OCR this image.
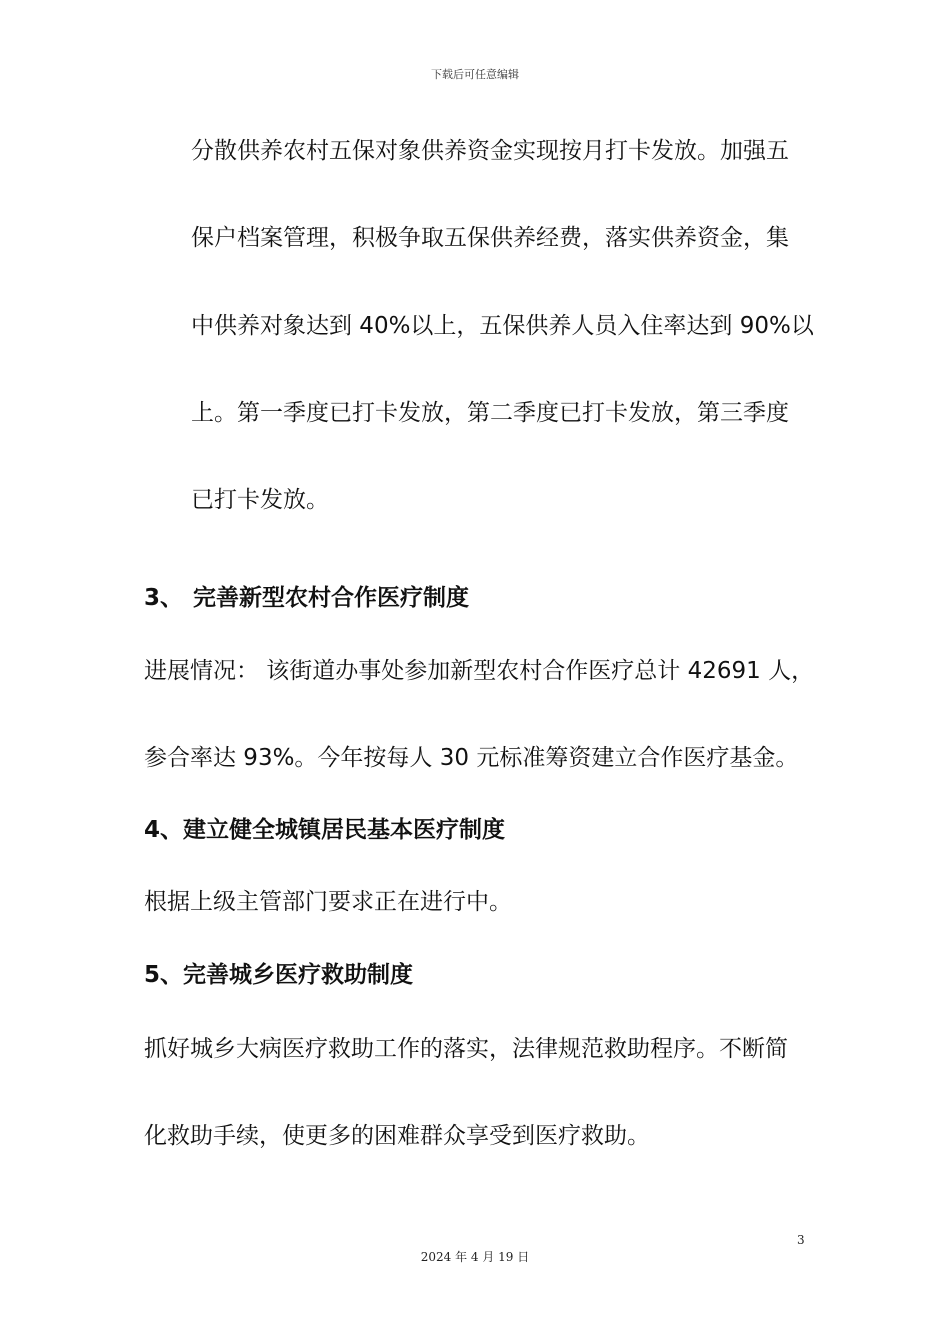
下载后可任意编辑
分散供养农村五保对象供养资金实现按月打卡发放。加强五
保户档案管理，积极争取五保供养经费，落实供养资金，集
中供养对象达到 40%以上，五保供养人员入住率达到 90%以
上。第一季度已打卡发放，第二季度已打卡发放，第三季度
已打卡发放。
3、 完善新型农村合作医疗制度
进展情况： 该街道办事处参加新型农村合作医疗总计 42691 人，
参合率达 93%。今年按每人 30 元标准筹资建立合作医疗基金。
4、建立健全城镇居民基本医疗制度
根据上级主管部门要求正在进行中。
5、完善城乡医疗救助制度
抓好城乡大病医疗救助工作的落实，法律规范救助程序。不断简
化救助手续，使更多的困难群众享受到医疗救助。
3
2024 年 4 月 19 日
